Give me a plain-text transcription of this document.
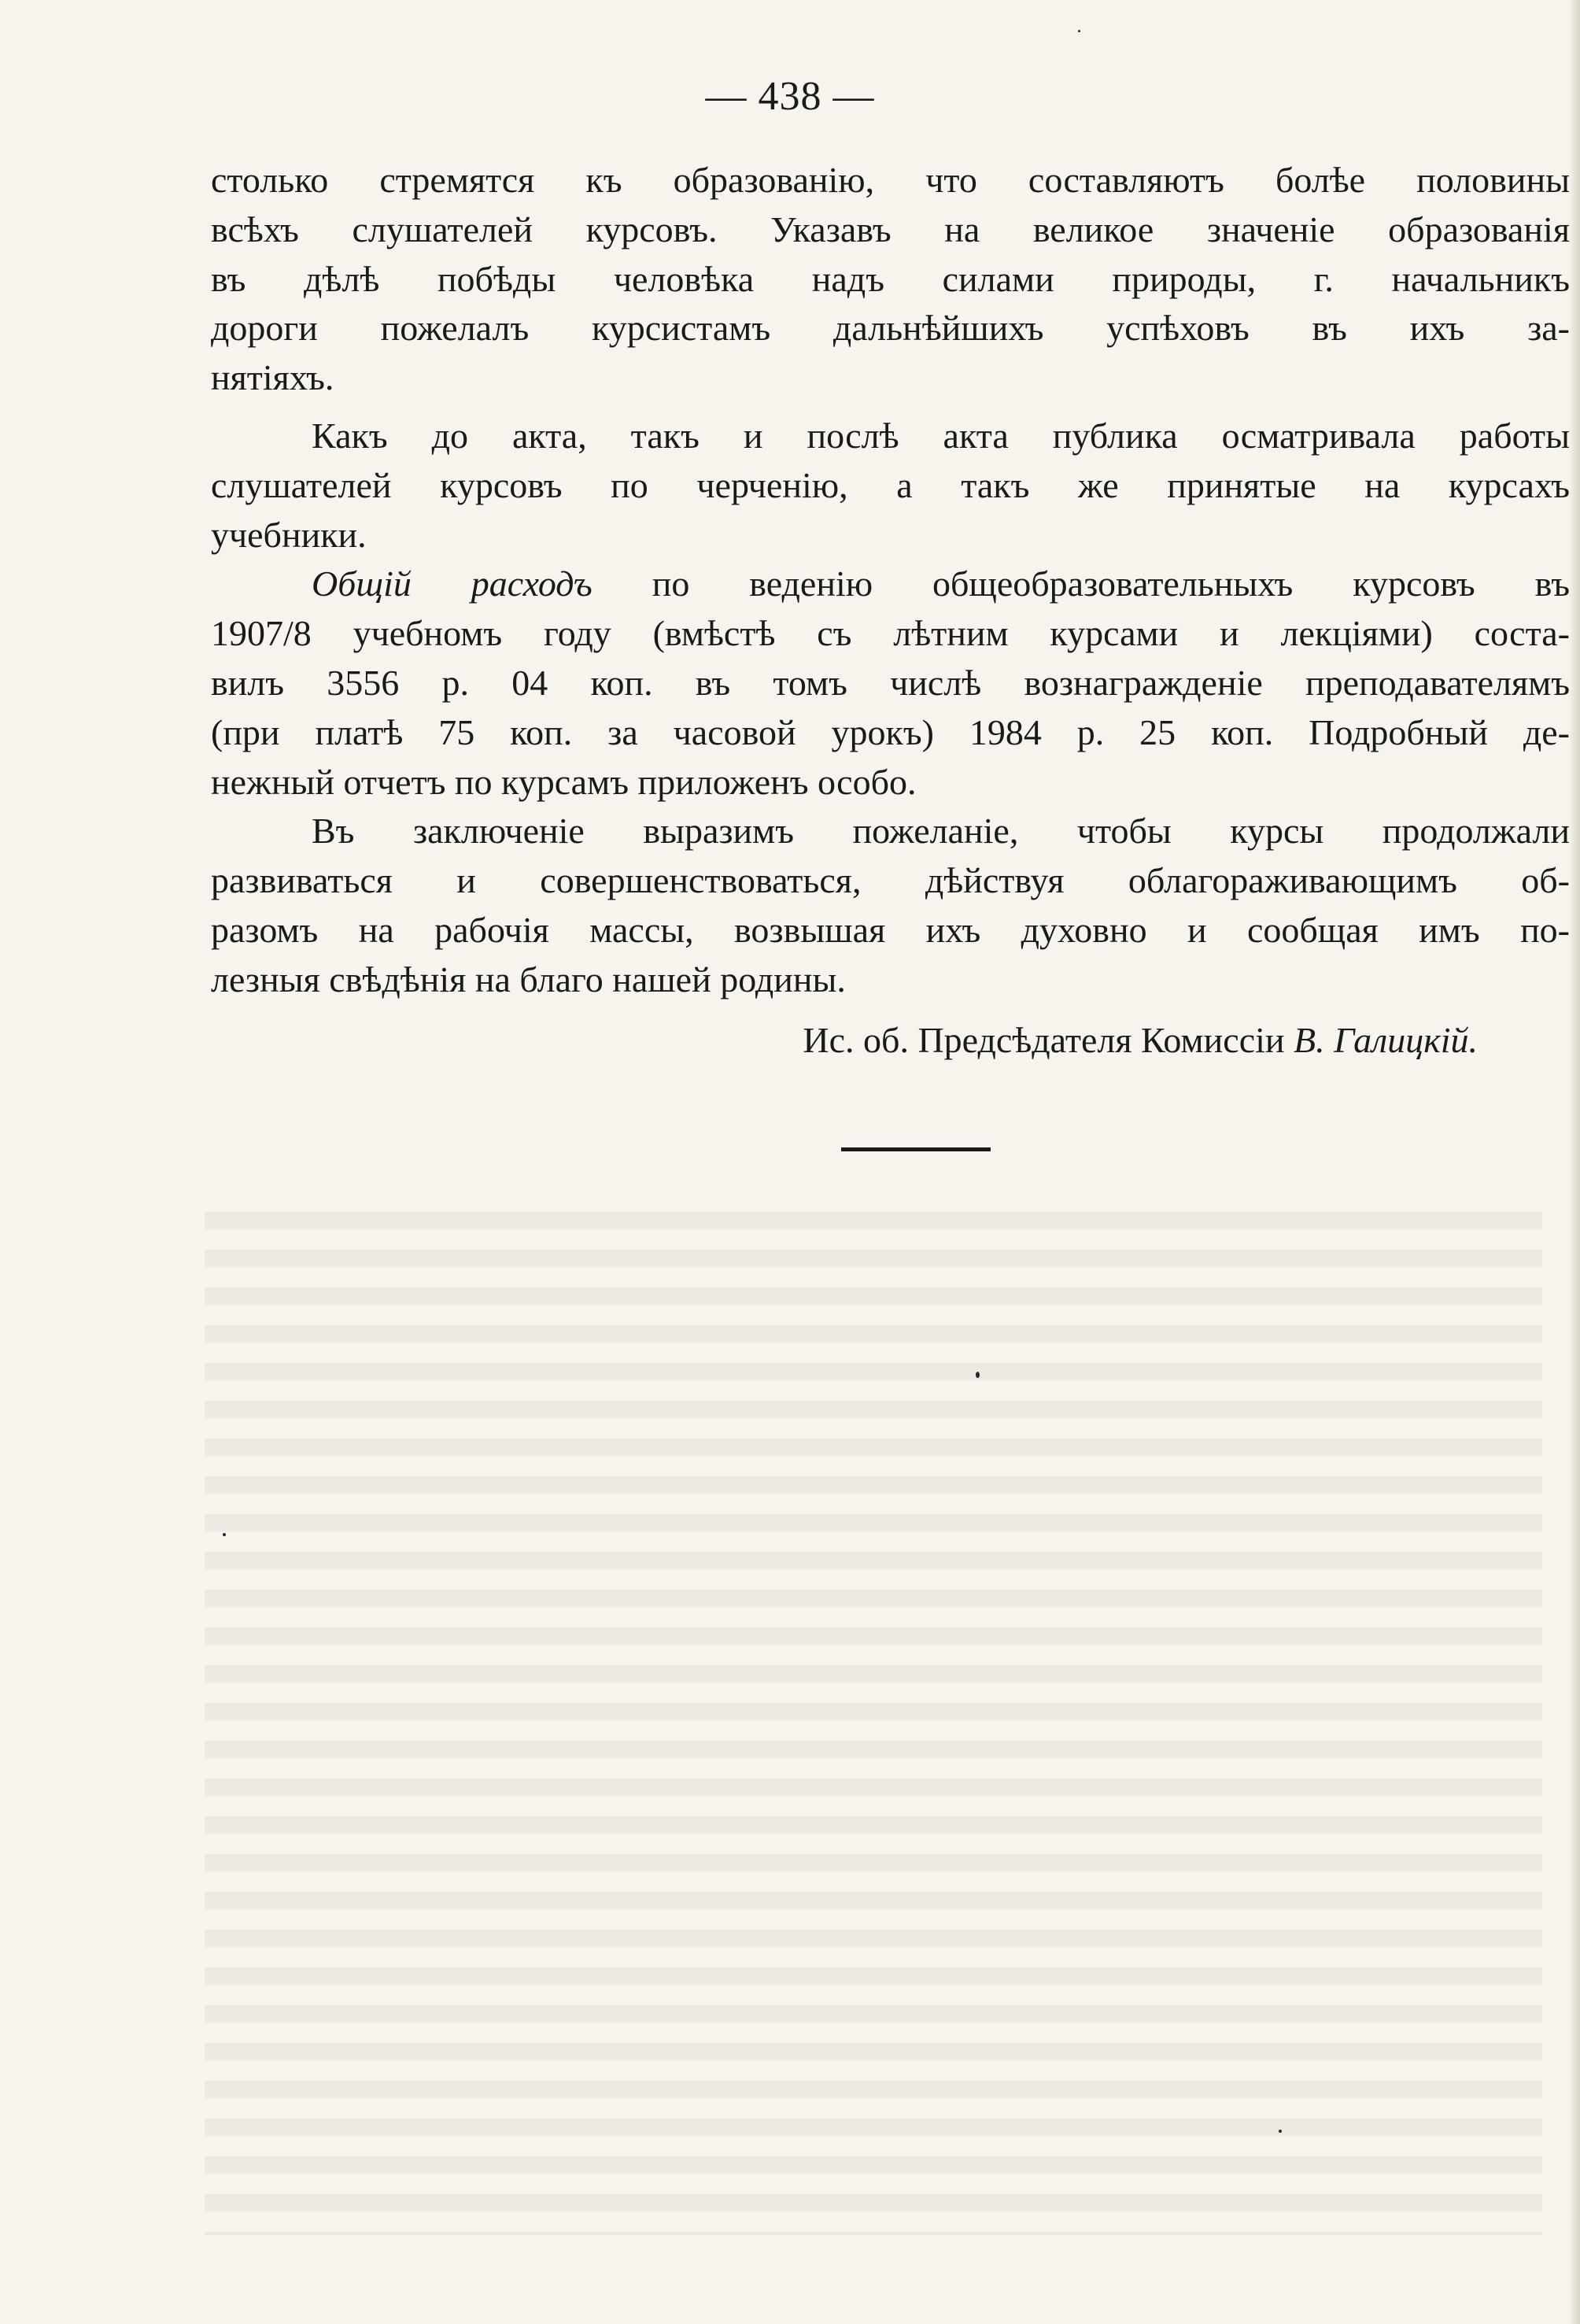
— 438 —
столько стремятся къ образованію, что составляютъ болѣе половины
всѣхъ слушателей курсовъ. Указавъ на великое значеніе образованія
въ дѣлѣ побѣды человѣка надъ силами природы, г. начальникъ
дороги пожелалъ курсистамъ дальнѣйшихъ успѣховъ въ ихъ за-
нятіяхъ.
Какъ до акта, такъ и послѣ акта публика осматривала работы
слушателей курсовъ по черченію, а такъ же принятые на курсахъ
учебники.
Общій расходъ по веденію общеобразовательныхъ курсовъ въ
1907/8 учебномъ году (вмѣстѣ съ лѣтним курсами и лекціями) соста-
вилъ 3556 р. 04 коп. въ томъ числѣ вознагражденіе преподавателямъ
(при платѣ 75 коп. за часовой урокъ) 1984 р. 25 коп. Подробный де-
нежный отчетъ по курсамъ приложенъ особо.
Въ заключеніе выразимъ пожеланіе, чтобы курсы продолжали
развиваться и совершенствоваться, дѣйствуя облагораживающимъ об-
разомъ на рабочія массы, возвышая ихъ духовно и сообщая имъ по-
лезныя свѣдѣнія на благо нашей родины.
Ис. об. Предсѣдателя Комиссіи В. Галицкій.
